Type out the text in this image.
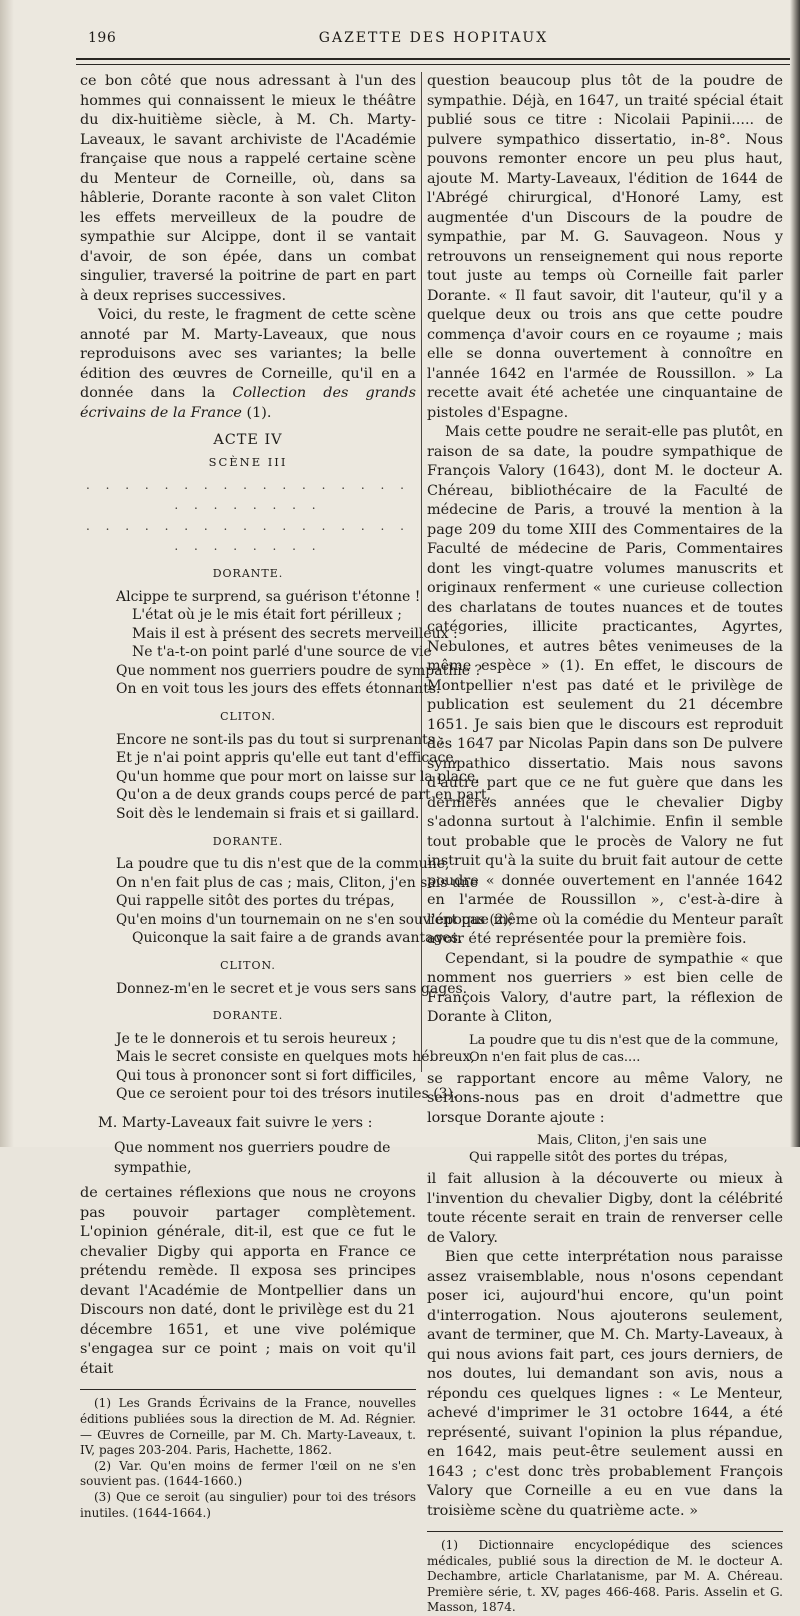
196	GAZETTE DES HOPITAUX

ce bon côté que nous adressant à l'un des hommes qui connaissent le mieux le théâtre du dix-huitième siècle, à M. Ch. Marty-Laveaux, le savant archiviste de l'Académie française que nous a rappelé certaine scène du Menteur de Corneille, où, dans sa hâblerie, Dorante raconte à son valet Cliton les effets merveilleux de la poudre de sympathie sur Alcippe, dont il se vantait d'avoir, de son épée, dans un combat singulier, traversé la poitrine de part en part à deux reprises successives.

Voici, du reste, le fragment de cette scène annoté par M. Marty-Laveaux, que nous reproduisons avec ses variantes; la belle édition des œuvres de Corneille, qu'il en a donnée dans la Collection des grands écrivains de la France (1).

ACTE IV
SCÈNE III
. . . . . . . . . . . . . . . . . . . . . . . . .
. . . . . . . . . . . . . . . . . . . . . . . . .
DORANTE.
Alcippe te surprend, sa guérison t'étonne !
L'état où je le mis était fort périlleux ;
Mais il est à présent des secrets merveilleux :
Ne t'a-t-on point parlé d'une source de vie
Que nomment nos guerriers poudre de sympathie ?
On en voit tous les jours des effets étonnants.
CLITON.
Encore ne sont-ils pas du tout si surprenants ;
Et je n'ai point appris qu'elle eut tant d'efficace,
Qu'un homme que pour mort on laisse sur la place,
Qu'on a de deux grands coups percé de part en part,
Soit dès le lendemain si frais et si gaillard.
DORANTE.
La poudre que tu dis n'est que de la commune,
On n'en fait plus de cas ; mais, Cliton, j'en sais une
Qui rappelle sitôt des portes du trépas,
Qu'en moins d'un tournemain on ne s'en souvient pas (2);
Quiconque la sait faire a de grands avantages.
CLITON.
Donnez-m'en le secret et je vous sers sans gages.
DORANTE.
Je te le donnerois et tu serois heureux ;
Mais le secret consiste en quelques mots hébreux,
Qui tous à prononcer sont si fort difficiles,
Que ce seroient pour toi des trésors inutiles (3).

M. Marty-Laveaux fait suivre le vers :

Que nomment nos guerriers poudre de sympathie,

de certaines réflexions que nous ne croyons pas pouvoir partager complètement. L'opinion générale, dit-il, est que ce fut le chevalier Digby qui apporta en France ce prétendu remède. Il exposa ses principes devant l'Académie de Montpellier dans un Discours non daté, dont le privilège est du 21 décembre 1651, et une vive polémique s'engagea sur ce point ; mais on voit qu'il était

(1) Les Grands Écrivains de la France, nouvelles éditions publiées sous la direction de M. Ad. Régnier. — Œuvres de Corneille, par M. Ch. Marty-Laveaux, t. IV, pages 203-204. Paris, Hachette, 1862.
(2) Var. Qu'en moins de fermer l'œil on ne s'en souvient pas. (1644-1660.)
(3) Que ce seroit (au singulier) pour toi des trésors inutiles. (1644-1664.)

question beaucoup plus tôt de la poudre de sympathie. Déjà, en 1647, un traité spécial était publié sous ce titre : Nicolaii Papinii..... de pulvere sympathico dissertatio, in-8°. Nous pouvons remonter encore un peu plus haut, ajoute M. Marty-Laveaux, l'édition de 1644 de l'Abrégé chirurgical, d'Honoré Lamy, est augmentée d'un Discours de la poudre de sympathie, par M. G. Sauvageon. Nous y retrouvons un renseignement qui nous reporte tout juste au temps où Corneille fait parler Dorante. « Il faut savoir, dit l'auteur, qu'il y a quelque deux ou trois ans que cette poudre commença d'avoir cours en ce royaume ; mais elle se donna ouvertement à connoître en l'année 1642 en l'armée de Roussillon. » La recette avait été achetée une cinquantaine de pistoles d'Espagne.

Mais cette poudre ne serait-elle pas plutôt, en raison de sa date, la poudre sympathique de François Valory (1643), dont M. le docteur A. Chéreau, bibliothécaire de la Faculté de médecine de Paris, a trouvé la mention à la page 209 du tome XIII des Commentaires de la Faculté de médecine de Paris, Commentaires dont les vingt-quatre volumes manuscrits et originaux renferment « une curieuse collection des charlatans de toutes nuances et de toutes catégories, illicite practicantes, Agyrtes, Nebulones, et autres bêtes venimeuses de la même espèce » (1). En effet, le discours de Montpellier n'est pas daté et le privilège de publication est seulement du 21 décembre 1651. Je sais bien que le discours est reproduit dès 1647 par Nicolas Papin dans son De pulvere sympathico dissertatio. Mais nous savons d'autre part que ce ne fut guère que dans les dernières années que le chevalier Digby s'adonna surtout à l'alchimie. Enfin il semble tout probable que le procès de Valory ne fut instruit qu'à la suite du bruit fait autour de cette poudre « donnée ouvertement en l'année 1642 en l'armée de Roussillon », c'est-à-dire à l'époque même où la comédie du Menteur paraît avoir été représentée pour la première fois.

Cependant, si la poudre de sympathie « que nomment nos guerriers » est bien celle de François Valory, d'autre part, la réflexion de Dorante à Cliton,

La poudre que tu dis n'est que de la commune,
On n'en fait plus de cas....

se rapportant encore au même Valory, ne serions-nous pas en droit d'admettre que lorsque Dorante ajoute :

Mais, Cliton, j'en sais une
Qui rappelle sitôt des portes du trépas,

il fait allusion à la découverte ou mieux à l'invention du chevalier Digby, dont la célébrité toute récente serait en train de renverser celle de Valory.

Bien que cette interprétation nous paraisse assez vraisemblable, nous n'osons cependant poser ici, aujourd'hui encore, qu'un point d'interrogation. Nous ajouterons seulement, avant de terminer, que M. Ch. Marty-Laveaux, à qui nous avions fait part, ces jours derniers, de nos doutes, lui demandant son avis, nous a répondu ces quelques lignes : « Le Menteur, achevé d'imprimer le 31 octobre 1644, a été représenté, suivant l'opinion la plus répandue, en 1642, mais peut-être seulement aussi en 1643 ; c'est donc très probablement François Valory que Corneille a eu en vue dans la troisième scène du quatrième acte. »

(1) Dictionnaire encyclopédique des sciences médicales, publié sous la direction de M. le docteur A. Dechambre, article Charlatanisme, par M. A. Chéreau. Première série, t. XV, pages 466-468. Paris. Asselin et G. Masson, 1874.
